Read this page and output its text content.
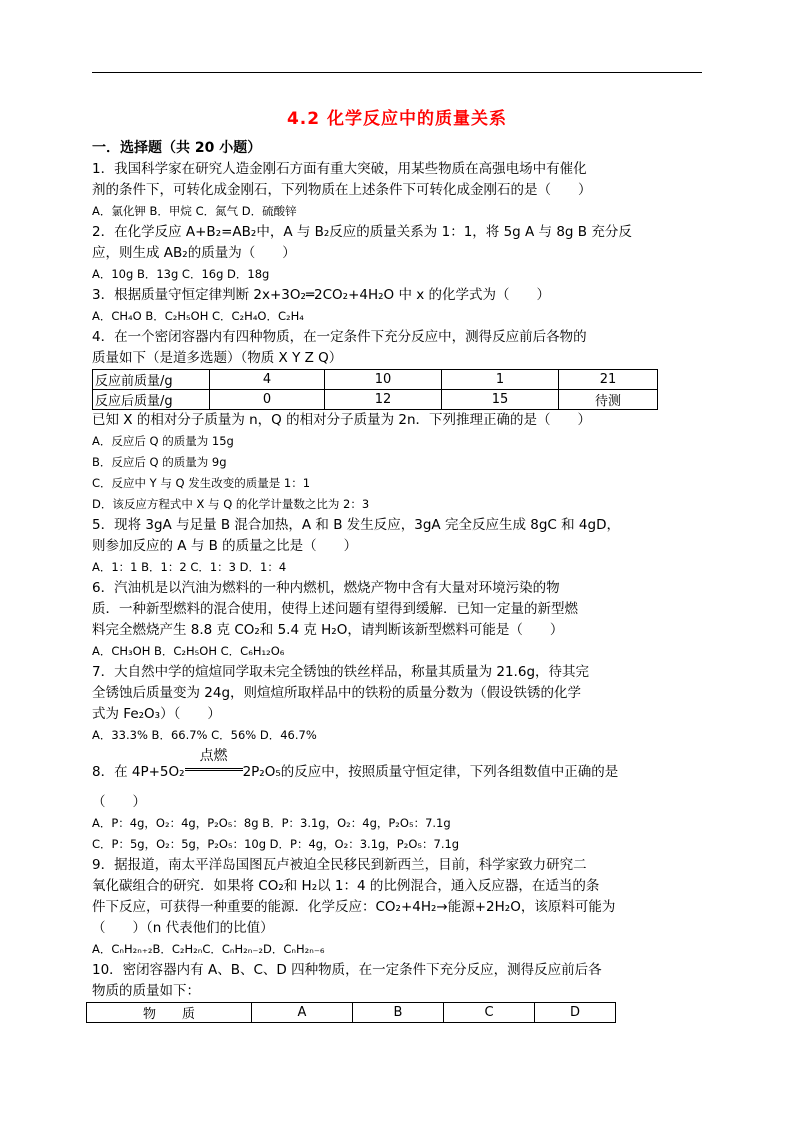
4.2 化学反应中的质量关系
一．选择题（共 20 小题）
1．我国科学家在研究人造金刚石方面有重大突破，用某些物质在高强电场中有催化
剂的条件下，可转化成金刚石，下列物质在上述条件下可转化成金刚石的是（　　）
A．氯化钾 B．甲烷 C．氮气 D．硫酸锌
2．在化学反应 A+B₂=AB₂中，A 与 B₂反应的质量关系为 1：1，将 5g A 与 8g B 充分反
应，则生成 AB₂的质量为（　　）
A．10g B．13g C．16g D．18g
3．根据质量守恒定律判断 2x+3O₂═2CO₂+4H₂O 中 x 的化学式为（　　）
A．CH₄O B．C₂H₅OH C．C₂H₄O．C₂H₄
4．在一个密闭容器内有四种物质，在一定条件下充分反应中，测得反应前后各物的
质量如下（是道多选题）（物质 X Y Z Q）
反应前质量/g	4	10	1	21
反应后质量/g	0	12	15	待测
已知 X 的相对分子质量为 n，Q 的相对分子质量为 2n．下列推理正确的是（　　）
A．反应后 Q 的质量为 15g
B．反应后 Q 的质量为 9g
C．反应中 Y 与 Q 发生改变的质量是 1：1
D．该反应方程式中 X 与 Q 的化学计量数之比为 2：3
5．现将 3gA 与足量 B 混合加热，A 和 B 发生反应，3gA 完全反应生成 8gC 和 4gD，
则参加反应的 A 与 B 的质量之比是（　　）
A．1：1 B．1：2 C．1：3 D．1：4
6．汽油机是以汽油为燃料的一种内燃机，燃烧产物中含有大量对环境污染的物
质．一种新型燃料的混合使用，使得上述问题有望得到缓解．已知一定量的新型燃
料完全燃烧产生 8.8 克 CO₂和 5.4 克 H₂O，请判断该新型燃料可能是（　　）
A．CH₃OH B．C₂H₅OH C．C₆H₁₂O₆
7．大自然中学的煊煊同学取未完全锈蚀的铁丝样品，称量其质量为 21.6g，待其完
全锈蚀后质量变为 24g，则煊煊所取样品中的铁粉的质量分数为（假设铁锈的化学
式为 Fe₂O₃）（　　）
A．33.3% B．66.7% C．56% D．46.7%
8．在 4P+5O₂
点燃
2P₂O₅的反应中，按照质量守恒定律，下列各组数值中正确的是
（　　）
A．P：4g，O₂：4g，P₂O₅：8g B．P：3.1g，O₂：4g，P₂O₅：7.1g
C．P：5g，O₂：5g，P₂O₅：10g D．P：4g，O₂：3.1g，P₂O₅：7.1g
9．据报道，南太平洋岛国图瓦卢被迫全民移民到新西兰，目前，科学家致力研究二
氧化碳组合的研究．如果将 CO₂和 H₂以 1：4 的比例混合，通入反应器，在适当的条
件下反应，可获得一种重要的能源．化学反应：CO₂+4H₂→能源+2H₂O，该原料可能为
（　　）（n 代表他们的比值）
A．CₙH₂ₙ₊₂B．C₂H₂ₙC．CₙH₂ₙ₋₂D．CₙH₂ₙ₋₆
10．密闭容器内有 A、B、C、D 四种物质，在一定条件下充分反应，测得反应前后各
物质的质量如下：
物　　质	A	B	C	D
